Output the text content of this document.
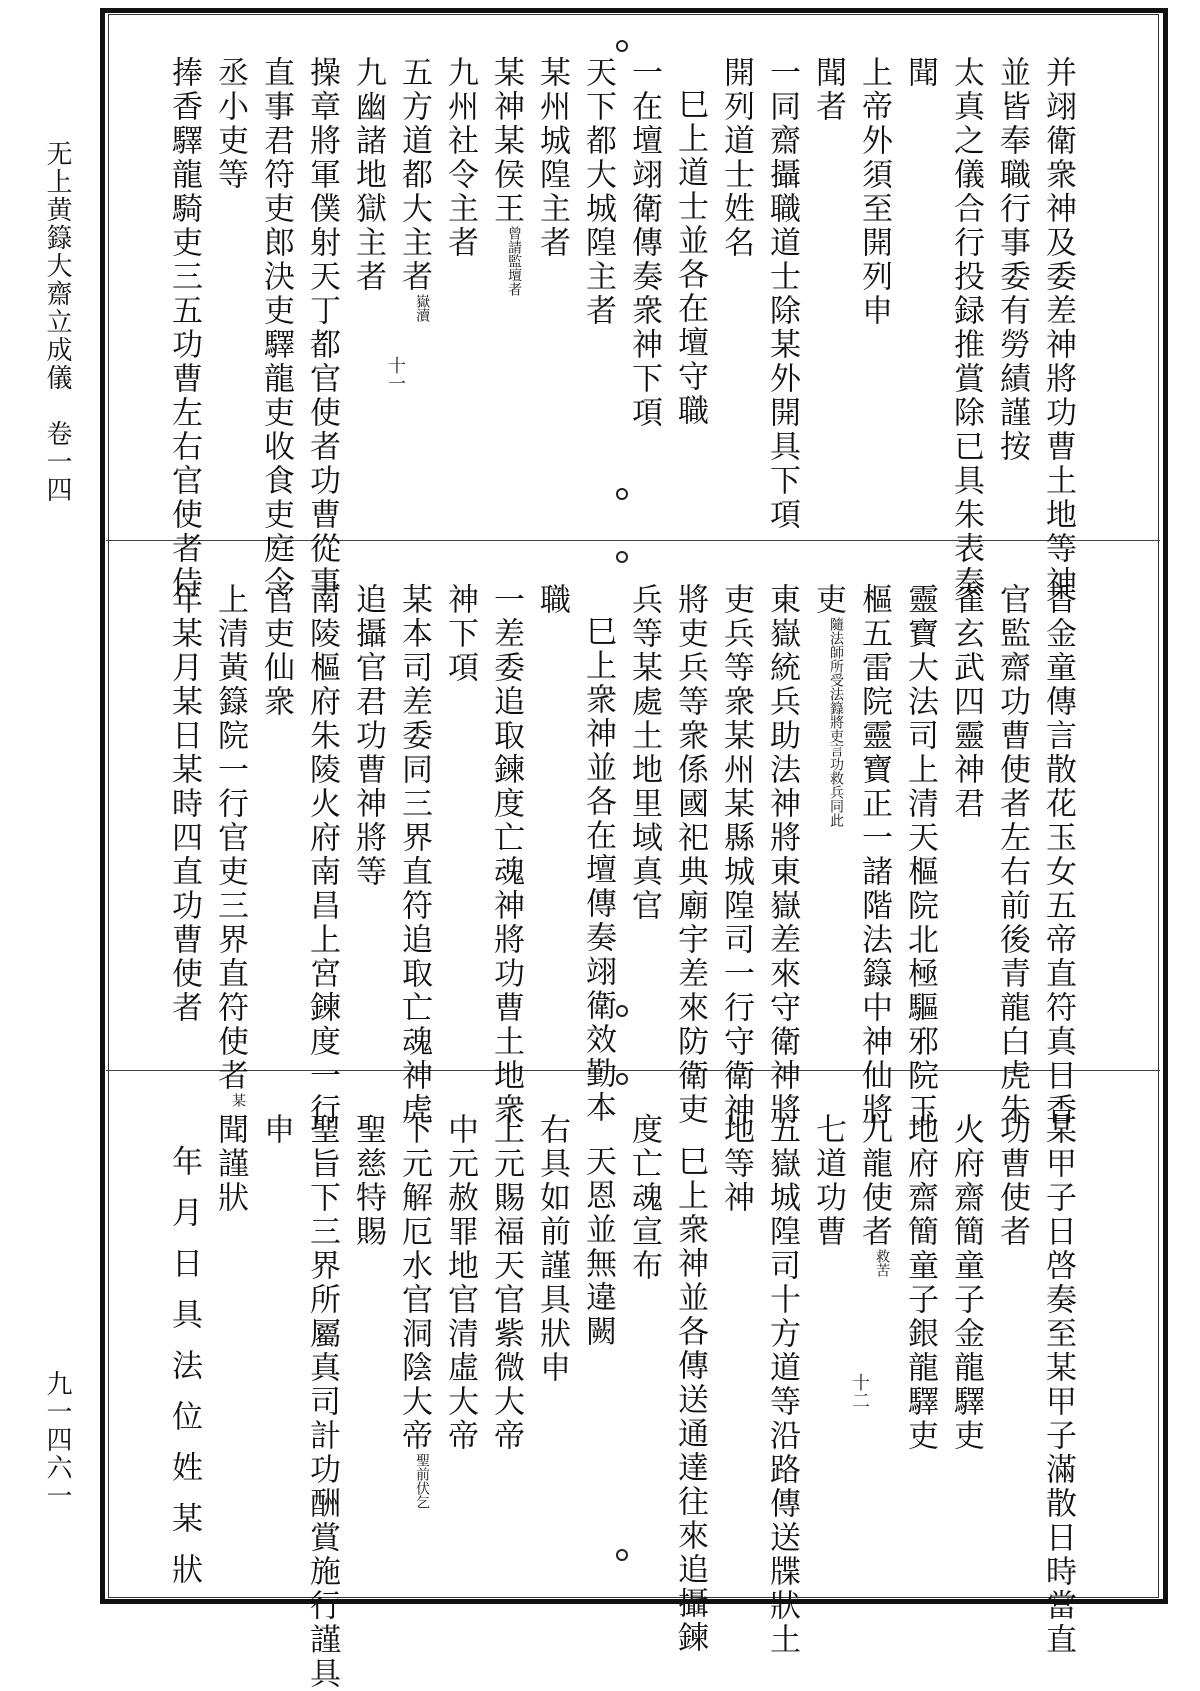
无上黄籙大齋立成儀　卷一四
九一四六一
并翊衛衆神及委差神將功曹土地等神
並皆奉職行事委有勞績謹按
太真之儀合行投録推賞除已具朱表奏
聞
上帝外須至開列申
聞者
一同齋攝職道士除某外開具下項
開列道士姓名
巳上道士並各在壇守職
一在壇翊衛傳奏衆神下項
天下都大城隍主者
某州城隍主者
某神某侯王$^{曾請監壇者}$
九州社令主者
五方道都大主者$^{嶽瀆}$
九幽諸地獄主者
操章將軍僕射天丁都官使者功曹從事
直事君符吏郎決吏驛龍吏收食吏庭令
丞小吏等
捧香驛龍騎吏三五功曹左右官使者侍	十一
香金童傳言散花玉女五帝直符真日香
官監齋功曹使者左右前後青龍白虎朱
雀玄武四靈神君
靈寶大法司上清天樞院北極驅邪院玉
樞五雷院靈寶正一諸階法籙中神仙將
吏$^{隨法師所受法籙將吏言功救兵同此}$
東嶽統兵助法神將東嶽差來守衛神將
吏兵等衆某州某縣城隍司一行守衛神
將吏兵等衆係國祀典廟宇差來防衛吏
兵等某處土地里域真官
巳上衆神並各在壇傳奏翊衛效勤本
職
一差委追取鍊度亡魂神將功曹土地衆
神下項
某本司差委同三界直符追取亡魂神虎
追攝官君功曹神將等
南陵樞府朱陵火府南昌上宮鍊度一行
官吏仙衆
上清黃籙院一行官吏三界直符使者$^某$
年某月某日某時四直功曹使者
某甲子日啓奏至某甲子滿散日時當直
功曹使者
火府齋簡童子金龍驛吏
地府齋簡童子銀龍驛吏
九龍使者$^{救苦}$
七道功曹
五嶽城隍司十方道等沿路傳送牒狀土
地等神
巳上衆神並各傳送通達往來追攝鍊
度亡魂宣布
天恩並無違闕
右具如前謹具狀申
上元賜福天官紫微大帝
中元赦罪地官清虛大帝
下元解厄水官洞陰大帝$^{聖前伏乞}$
聖慈特賜
聖旨下三界所屬真司計功酬賞施行謹具
申
聞謹狀
年月日具法位姓某狀	十二
